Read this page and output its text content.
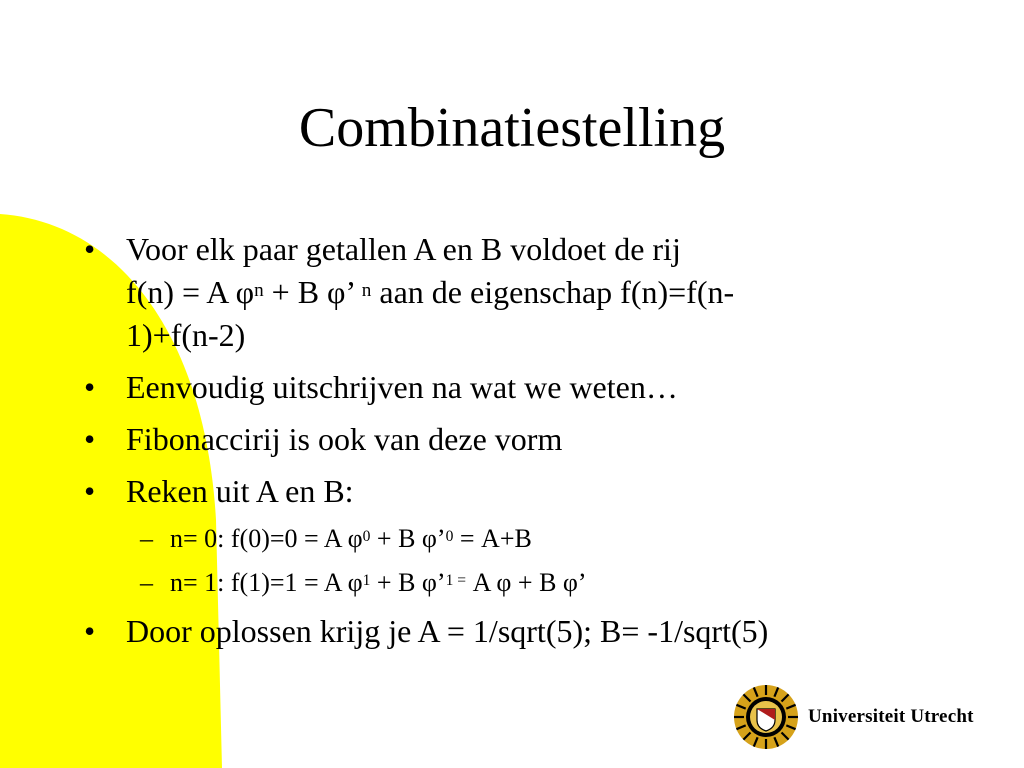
Combinatiestelling
• Voor elk paar getallen A en B voldoet de rij
f(n) = A $\varphi^n + B$ φ’ $^n$ aan de eigenschap f(n)=f(n-
1)+f(n-2)
• Eenvoudig uitschrijven na wat we weten…
• Fibonaccirij is ook van deze vorm
• Reken uit A en B:
– n= 0: f(0)=0 = A $\varphi^0 + B$ φ’$^0$ = A+B
– n= 1: f(1)=1 = A $\varphi^1 + B$ φ’$^{1 =}$ A φ + B φ’
• Door oplossen krijg je A = 1/sqrt(5); B= -1/sqrt(5)
Universiteit Utrecht
